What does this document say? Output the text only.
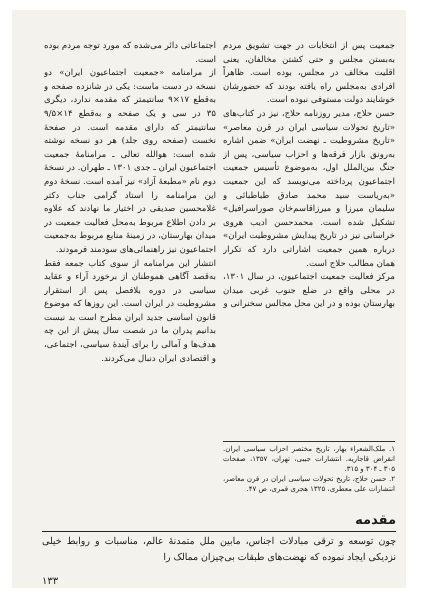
جمعیت پس از انتخابات در جهت تشویق مردم به‌بستن مجلس و حتی کشتن مخالفان، یعنی اقلیت مخالف در مجلس، بوده است. ظاهراً افرادی به‌مجلس راه یافته بودند که حضورشان خوشایند دولت مستوفی نبوده است.

حسن حلاج، مدیر روزنامه حلاج، نیز در کتاب‌های «تاریخ تحولات سیاسی ایران در قرن معاصر» «تاریخ مشروطیت ـ نهضت ایران» ضمن اشاره به‌رونق بازار فرقه‌ها و احزاب سیاسی، پس از جنگ بین‌الملل اول، به‌موضوع تأسیس جمعیت اجتماعیون پرداخته می‌نویسد که این جمعیت «به‌ریاست سید محمد صادق طباطبائی و سلیمان میرزا و میرزاقاسم‌خان صوراسرافیل» تشکیل شده است. محمدحسن ادیب هروی خراسانی نیز در تاریخ پیدایش مشروطیت ایران» درباره همین جمعیت اشاراتی دارد که تکرار همان مطالب حلاج است.

مرکز فعالیت جمعیت اجتماعیون، در سال ۱۳۰۱، در محلی واقع در ضلع جنوب غربی میدان بهارستان بوده و در این محل مجالس سخنرانی و

۱. ملک‌الشعراء بهار، تاریخ مختصر احزاب سیاسی ایران. انقراض قاجاریه. انتشارات جیبی، تهران، ۱۳۵۷، صفحات ۳۰۵ ـ ۳۰۴ و ۳۱۵.

۲. حسن حلاج، تاریخ تحولات سیاسی ایران در قرن معاصر، انتشارات علی معطری، ۱۳۲۵ هجری قمری، ص ۴۷.

اجتماعاتی دائر می‌شده که مورد توجه مردم بوده است.

از مرامنامه «جمعیت اجتماعیون ایران» دو نسخه در دست ماست: یکی در شانزده صفحه و به‌قطع ۱۷×۹ سانتیمتر که مقدمه ندارد، دیگری ۳۵ در سی و یک صفحه و به‌قطع ۱۴×۹/۵ سانتیمتر که دارای مقدمه است. در صفحهٔ نخست (صفحه روی جلد) هر دو نسخه نوشته شده است: هوالله تعالی ـ مرامنامهٔ جمعیت اجتماعیون ایران ـ جدی ۱۳۰۱ ـ طهران. در نسخهٔ دوم نام «مطبعهٔ آزاد» نیز آمده است. نسخهٔ دوم این مرامنامه را استاد گرامی جناب دکتر غلامحسین صدیقی در اختیار ما نهادند که علاوه بر دادن اطلاع مربوط به‌محل فعالیت جمعیت در میدان بهارستان، در زمینهٔ منابع مربوط به‌جمعیت اجتماعیون نیز راهنمائی‌های سودمند فرمودند.

انتشار این مرامنامه از سوی کتاب جمعه فقط به‌قصد آگاهی هموطنان از برخورد آراء و عقاید سیاسی در دوره بلافصل پس از استقرار مشروطیت در ایران است. این روزها که موضوع قانون اساسی جدید ایران مطرح است بد نیست بدانیم پدران ما در شصت سال پیش از این چه هدف‌ها و آمالی را برای آیندهٔ سیاسی، اجتماعی، و اقتصادی ایران دنبال می‌کردند.

مقدمه
چون توسعه و ترقی مبادلات اجناس، مابین ملل متمدنهٔ عالم، مناسبات و روابط خیلی نزدیکی ایجاد نموده که نهضت‌های طبقات بی‌چیزان ممالک را
۱۳۳
